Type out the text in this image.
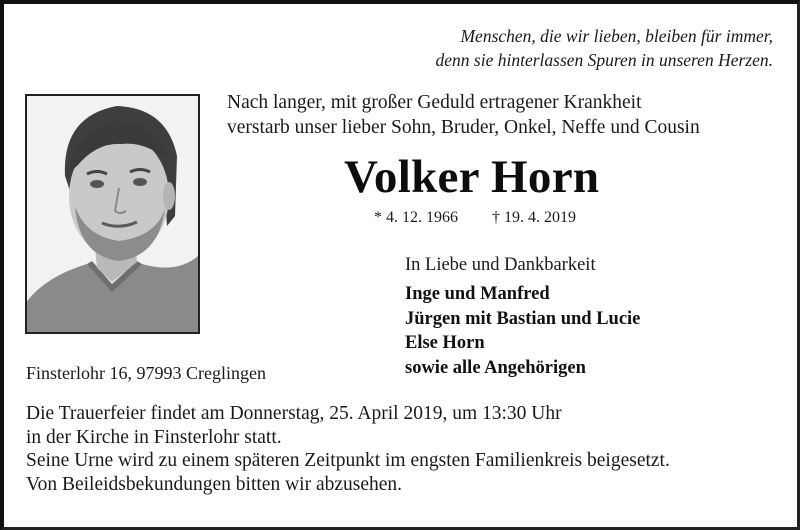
Menschen, die wir lieben, bleiben für immer,
denn sie hinterlassen Spuren in unseren Herzen.
Nach langer, mit großer Geduld ertragener Krankheit
verstarb unser lieber Sohn, Bruder, Onkel, Neffe und Cousin
Volker Horn
* 4. 12. 1966 † 19. 4. 2019
In Liebe und Dankbarkeit
Inge und Manfred
Jürgen mit Bastian und Lucie
Else Horn
sowie alle Angehörigen
Finsterlohr 16, 97993 Creglingen
Die Trauerfeier findet am Donnerstag, 25. April 2019, um 13:30 Uhr
in der Kirche in Finsterlohr statt.
Seine Urne wird zu einem späteren Zeitpunkt im engsten Familienkreis beigesetzt.
Von Beileidsbekundungen bitten wir abzusehen.
